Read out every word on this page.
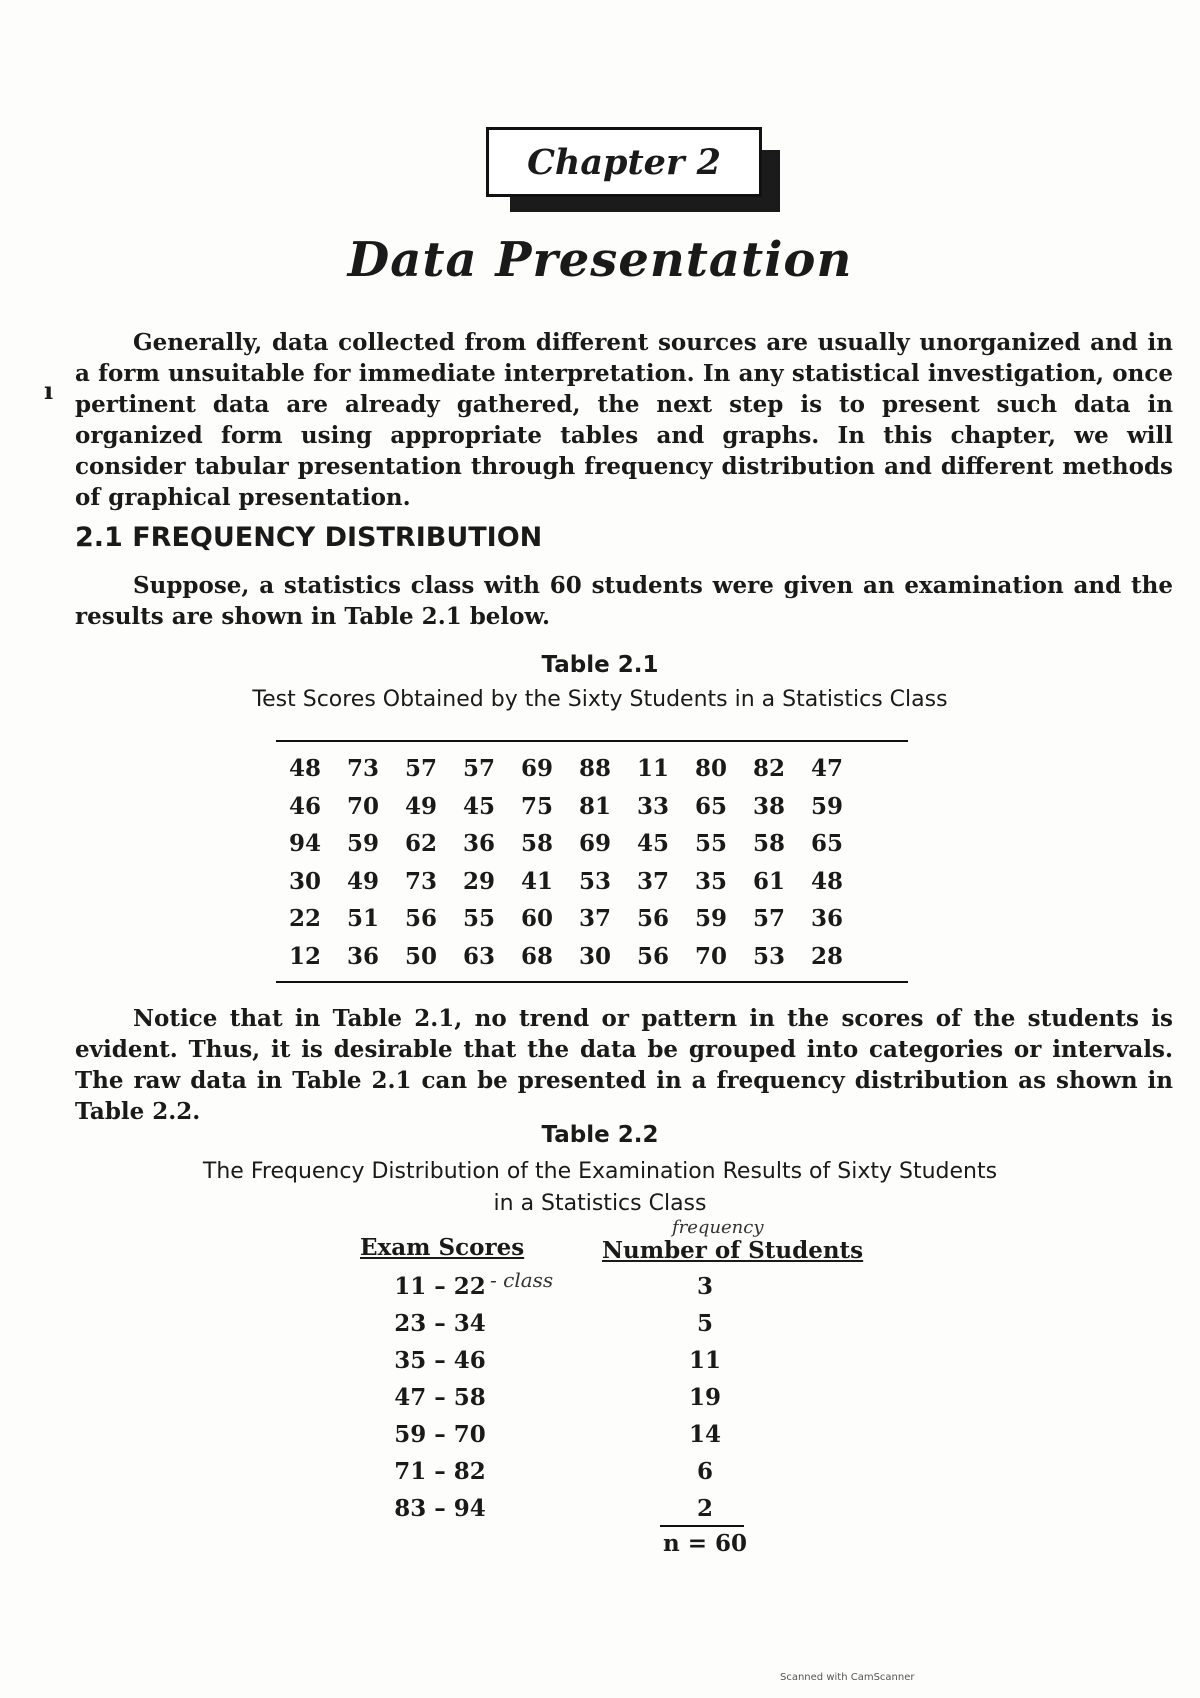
Chapter 2
Data Presentation
ı

Generally, data collected from different sources are usually unorganized and in a form unsuitable for immediate interpretation. In any statistical investigation, once pertinent data are already gathered, the next step is to present such data in organized form using appropriate tables and graphs. In this chapter, we will consider tabular presentation through frequency distribution and different methods of graphical presentation.

2.1 FREQUENCY DISTRIBUTION

Suppose, a statistics class with 60 students were given an examination and the results are shown in Table 2.1 below.

Table 2.1
Test Scores Obtained by the Sixty Students in a Statistics Class
48	73	57	57	69	88	11	80	82	47
46	70	49	45	75	81	33	65	38	59
94	59	62	36	58	69	45	55	58	65
30	49	73	29	41	53	37	35	61	48
22	51	56	55	60	37	56	59	57	36
12	36	50	63	68	30	56	70	53	28

Notice that in Table 2.1, no trend or pattern in the scores of the students is evident. Thus, it is desirable that the data be grouped into categories or intervals. The raw data in Table 2.1 can be presented in a frequency distribution as shown in Table 2.2.

Table 2.2
The Frequency Distribution of the Examination Results of Sixty Students
in a Statistics Class
frequency
Exam Scores	Number of Students
- class
11 – 22	3
23 – 34	5
35 – 46	11
47 – 58	19
59 – 70	14
71 – 82	6
83 – 94	2
n = 60
Scanned with CamScanner
